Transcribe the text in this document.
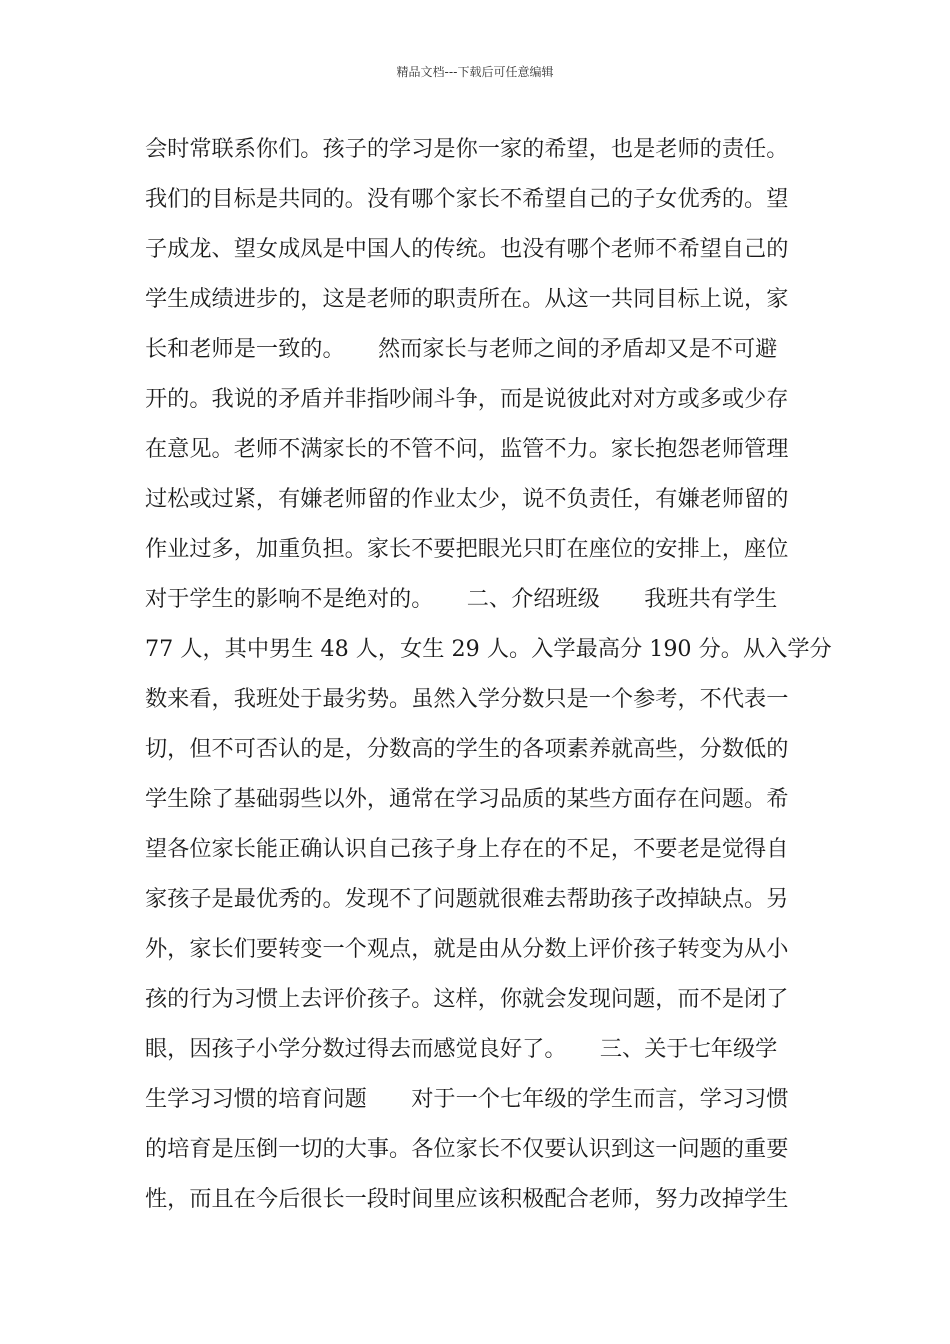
精品文档---下载后可任意编辑
会时常联系你们。孩子的学习是你一家的希望，也是老师的责任。
我们的目标是共同的。没有哪个家长不希望自己的子女优秀的。望
子成龙、望女成凤是中国人的传统。也没有哪个老师不希望自己的
学生成绩进步的，这是老师的职责所在。从这一共同目标上说，家
长和老师是一致的。　　然而家长与老师之间的矛盾却又是不可避
开的。我说的矛盾并非指吵闹斗争，而是说彼此对对方或多或少存
在意见。老师不满家长的不管不问，监管不力。家长抱怨老师管理
过松或过紧，有嫌老师留的作业太少，说不负责任，有嫌老师留的
作业过多，加重负担。家长不要把眼光只盯在座位的安排上，座位
对于学生的影响不是绝对的。　　二、介绍班级　　我班共有学生
77 人，其中男生 48 人，女生 29 人。入学最高分 190 分。从入学分
数来看，我班处于最劣势。虽然入学分数只是一个参考，不代表一
切，但不可否认的是，分数高的学生的各项素养就高些，分数低的
学生除了基础弱些以外，通常在学习品质的某些方面存在问题。希
望各位家长能正确认识自己孩子身上存在的不足，不要老是觉得自
家孩子是最优秀的。发现不了问题就很难去帮助孩子改掉缺点。另
外，家长们要转变一个观点，就是由从分数上评价孩子转变为从小
孩的行为习惯上去评价孩子。这样，你就会发现问题，而不是闭了
眼，因孩子小学分数过得去而感觉良好了。　　三、关于七年级学
生学习习惯的培育问题　　对于一个七年级的学生而言，学习习惯
的培育是压倒一切的大事。各位家长不仅要认识到这一问题的重要
性，而且在今后很长一段时间里应该积极配合老师，努力改掉学生
